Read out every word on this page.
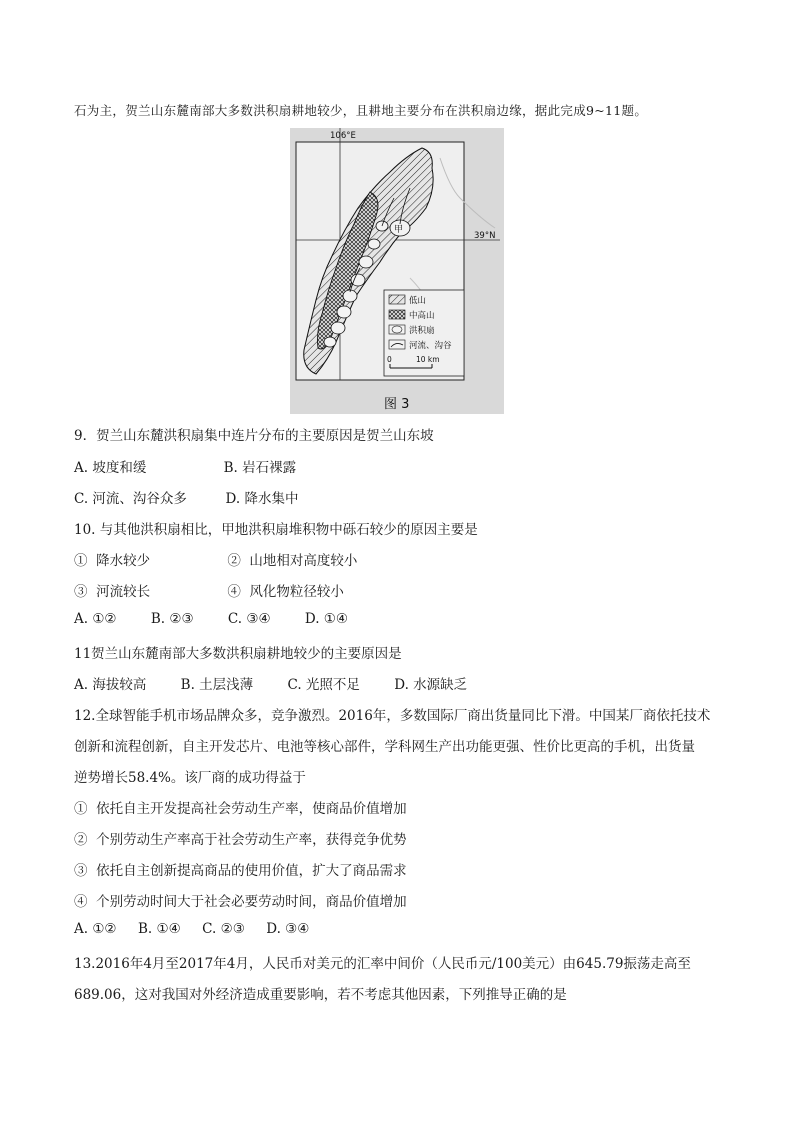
石为主，贺兰山东麓南部大多数洪积扇耕地较少，且耕地主要分布在洪积扇边缘，据此完成9~11题。
106°E
39°N
甲
低山
中高山
洪积扇
河流、沟谷
0	10 km
图 3
9．贺兰山东麓洪积扇集中连片分布的主要原因是贺兰山东坡
A. 坡度和缓                  B. 岩石裸露
C. 河流、沟谷众多         D. 降水集中
10. 与其他洪积扇相比，甲地洪积扇堆积物中砾石较少的原因主要是
①  降水较少                  ②  山地相对高度较小
③  河流较长                  ④  风化物粒径较小
A. ①②        B. ②③        C. ③④        D. ①④
11贺兰山东麓南部大多数洪积扇耕地较少的主要原因是
A. 海拔较高        B. 土层浅薄        C. 光照不足        D. 水源缺乏
12.全球智能手机市场品牌众多，竞争激烈。2016年，多数国际厂商出货量同比下滑。中国某厂商依托技术
创新和流程创新，自主开发芯片、电池等核心部件，学科网生产出功能更强、性价比更高的手机，出货量
逆势增长58.4%。该厂商的成功得益于
①  依托自主开发提高社会劳动生产率，使商品价值增加
②  个别劳动生产率高于社会劳动生产率，获得竞争优势
③  依托自主创新提高商品的使用价值，扩大了商品需求
④  个别劳动时间大于社会必要劳动时间，商品价值增加
A. ①②     B. ①④     C. ②③     D. ③④
13.2016年4月至2017年4月，人民币对美元的汇率中间价（人民币元/100美元）由645.79振荡走高至
689.06，这对我国对外经济造成重要影响，若不考虑其他因素，下列推导正确的是
